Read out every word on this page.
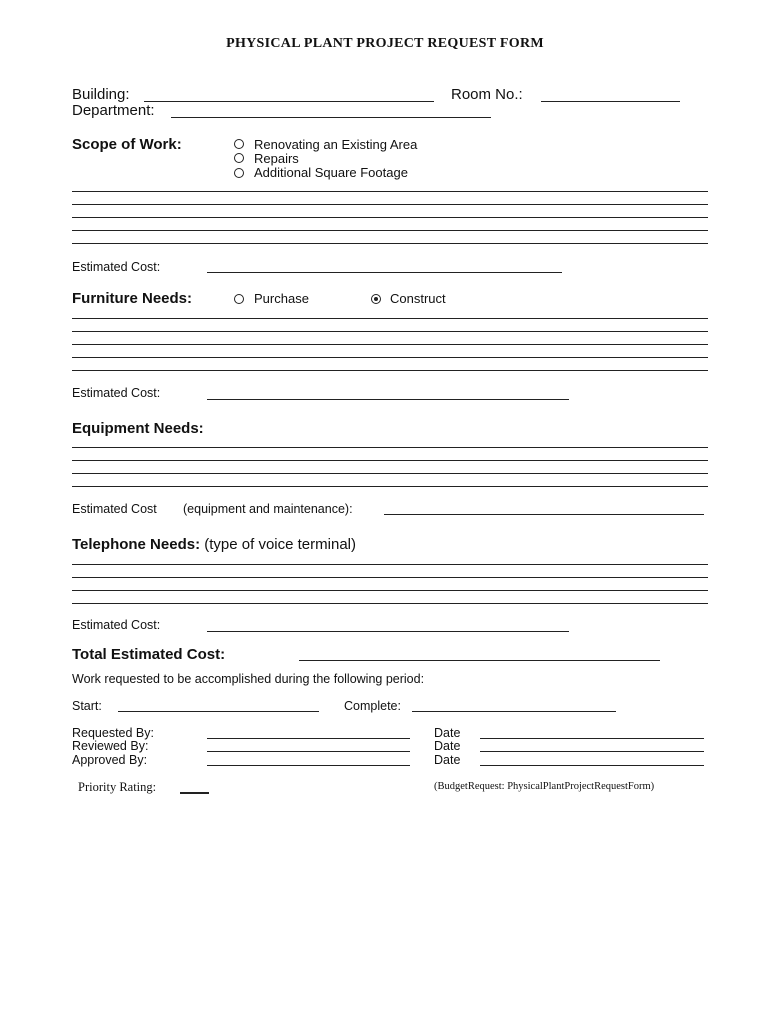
PHYSICAL PLANT PROJECT REQUEST FORM
Building:	Room No.:
Department:
Scope of Work:	Renovating an Existing Area
Repairs
Additional Square Footage
Estimated Cost:
Furniture Needs:	Purchase	Construct
Estimated Cost:
Equipment Needs:
Estimated Cost (equipment and maintenance):
Telephone Needs: (type of voice terminal)
Estimated Cost:
Total Estimated Cost:
Work requested to be accomplished during the following period:
Start:	Complete:
Requested By:	Date
Reviewed By:	Date
Approved By:	Date
Priority Rating:	(BudgetRequest: PhysicalPlantProjectRequestForm)
